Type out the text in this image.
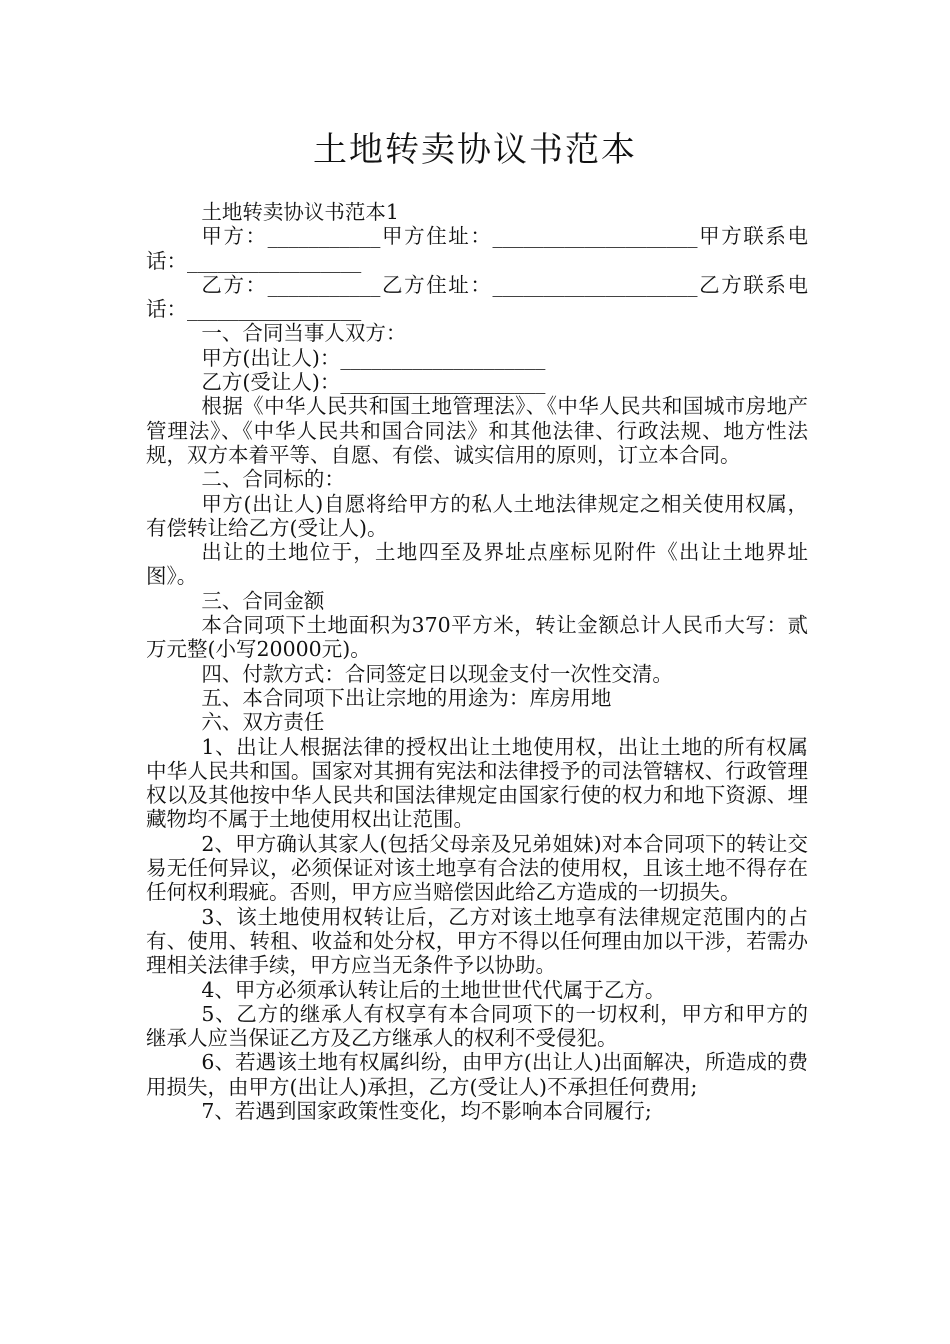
土地转卖协议书范本

土地转卖协议书范本1

甲方：___________甲方住址：____________________甲方联系电话：_________________

乙方：___________乙方住址：____________________乙方联系电话：_________________

一、合同当事人双方：

甲方(出让人)：____________________

乙方(受让人)：____________________

根据《中华人民共和国土地管理法》、《中华人民共和国城市房地产管理法》、《中华人民共和国合同法》和其他法律、行政法规、地方性法规，双方本着平等、自愿、有偿、诚实信用的原则，订立本合同。

二、合同标的：

甲方(出让人)自愿将给甲方的私人土地法律规定之相关使用权属，有偿转让给乙方(受让人)。

出让的土地位于，土地四至及界址点座标见附件《出让土地界址图》。

三、合同金额

本合同项下土地面积为370平方米，转让金额总计人民币大写：贰万元整(小写20000元)。

四、付款方式：合同签定日以现金支付一次性交清。

五、本合同项下出让宗地的用途为：库房用地

六、双方责任

1、出让人根据法律的授权出让土地使用权，出让土地的所有权属中华人民共和国。国家对其拥有宪法和法律授予的司法管辖权、行政管理权以及其他按中华人民共和国法律规定由国家行使的权力和地下资源、埋藏物均不属于土地使用权出让范围。

2、甲方确认其家人(包括父母亲及兄弟姐妹)对本合同项下的转让交易无任何异议，必须保证对该土地享有合法的使用权，且该土地不得存在任何权利瑕疵。否则，甲方应当赔偿因此给乙方造成的一切损失。

3、该土地使用权转让后，乙方对该土地享有法律规定范围内的占有、使用、转租、收益和处分权，甲方不得以任何理由加以干涉，若需办理相关法律手续，甲方应当无条件予以协助。

4、甲方必须承认转让后的土地世世代代属于乙方。

5、乙方的继承人有权享有本合同项下的一切权利，甲方和甲方的继承人应当保证乙方及乙方继承人的权利不受侵犯。

6、若遇该土地有权属纠纷，由甲方(出让人)出面解决，所造成的费用损失，由甲方(出让人)承担，乙方(受让人)不承担任何费用;

7、若遇到国家政策性变化，均不影响本合同履行;
